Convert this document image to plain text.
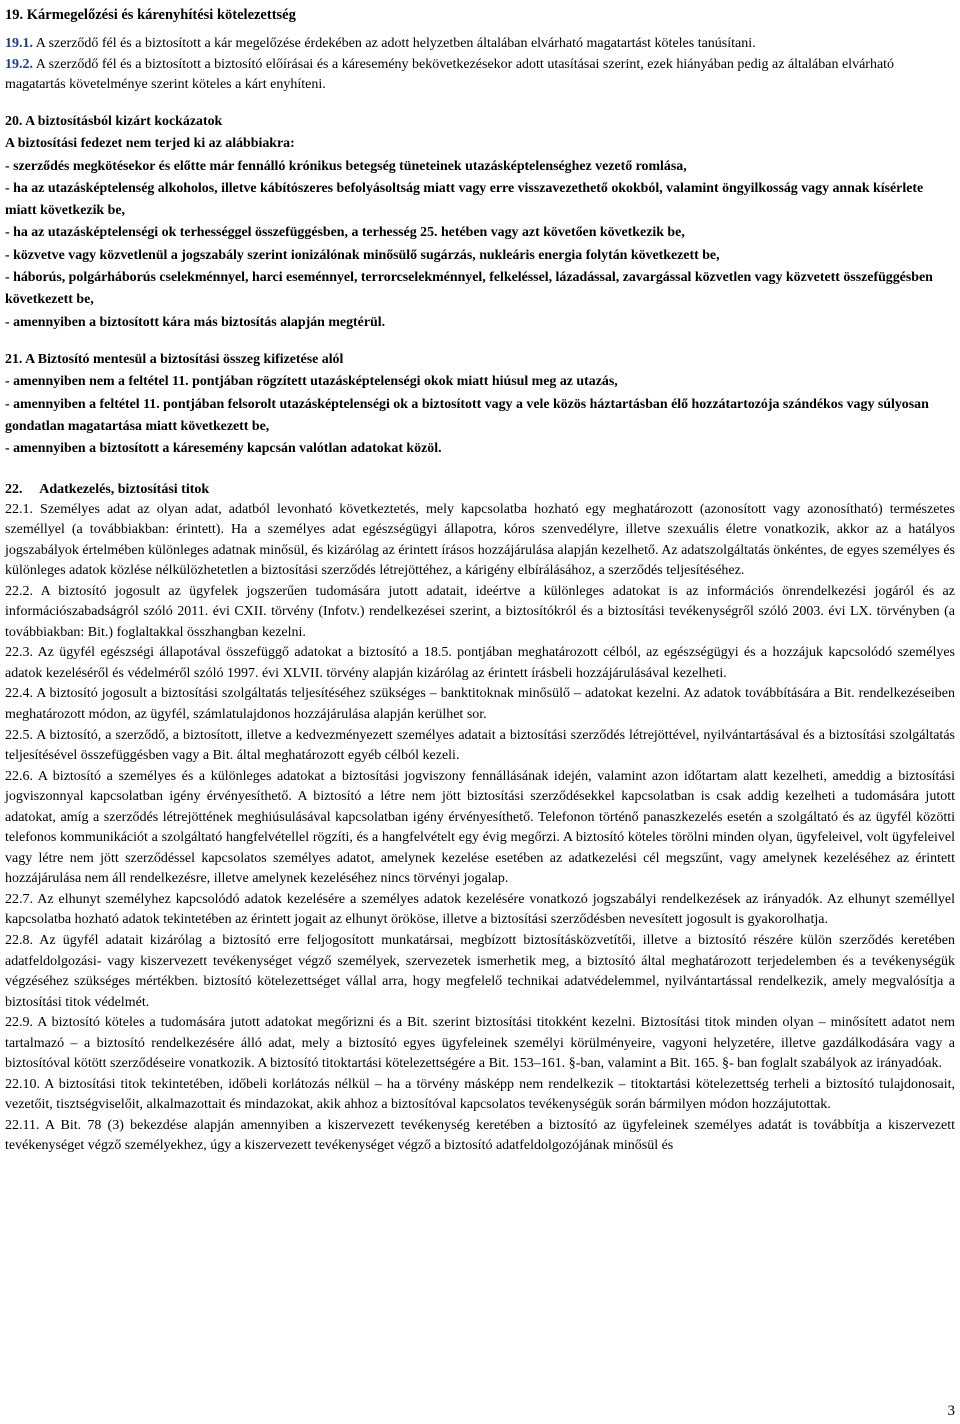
19. Kármegelőzési és kárenyhítési kötelezettség

19.1. A szerződő fél és a biztosított a kár megelőzése érdekében az adott helyzetben általában elvárható magatartást köteles tanúsítani.

19.2. A szerződő fél és a biztosított a biztosító előírásai és a káresemény bekövetkezésekor adott utasításai szerint, ezek hiányában pedig az általában elvárható magatartás követelménye szerint köteles a kárt enyhíteni.

20. A biztosításból kizárt kockázatok

A biztosítási fedezet nem terjed ki az alábbiakra:

- szerződés megkötésekor és előtte már fennálló krónikus betegség tüneteinek utazásképtelenséghez vezető romlása,

- ha az utazásképtelenség alkoholos, illetve kábítószeres befolyásoltság miatt vagy erre visszavezethető okokból, valamint öngyilkosság vagy annak kísérlete miatt következik be,

- ha az utazásképtelenségi ok terhességgel összefüggésben, a terhesség 25. hetében vagy azt követően következik be,

- közvetve vagy közvetlenül a jogszabály szerint ionizálónak minősülő sugárzás, nukleáris energia folytán következett be,

- háborús, polgárháborús cselekménnyel, harci eseménnyel, terrorcselekménnyel, felkeléssel, lázadással, zavargással közvetlen vagy közvetett összefüggésben következett be,

- amennyiben a biztosított kára más biztosítás alapján megtérül.

21. A Biztosító mentesül a biztosítási összeg kifizetése alól

- amennyiben nem a feltétel 11. pontjában rögzített utazásképtelenségi okok miatt hiúsul meg az utazás,

- amennyiben a feltétel 11. pontjában felsorolt utazásképtelenségi ok a biztosított vagy a vele közös háztartásban élő hozzátartozója szándékos vagy súlyosan gondatlan magatartása miatt következett be,

- amennyiben a biztosított a káresemény kapcsán valótlan adatokat közöl.

22.     Adatkezelés, biztosítási titok

22.1. Személyes adat az olyan adat, adatból levonható következtetés, mely kapcsolatba hozható egy meghatározott (azonosított vagy azonosítható) természetes személlyel (a továbbiakban: érintett). Ha a személyes adat egészségügyi állapotra, kóros szenvedélyre, illetve szexuális életre vonatkozik, akkor az a hatályos jogszabályok értelmében különleges adatnak minősül, és kizárólag az érintett írásos hozzájárulása alapján kezelhető. Az adatszolgáltatás önkéntes, de egyes személyes és különleges adatok közlése nélkülözhetetlen a biztosítási szerződés létrejöttéhez, a kárigény elbírálásához, a szerződés teljesítéséhez.

22.2. A biztosító jogosult az ügyfelek jogszerűen tudomására jutott adatait, ideértve a különleges adatokat is az információs önrendelkezési jogáról és az információszabadságról szóló 2011. évi CXII. törvény (Infotv.) rendelkezései szerint, a biztosítókról és a biztosítási tevékenységről szóló 2003. évi LX. törvényben (a továbbiakban: Bit.) foglaltakkal összhangban kezelni.

22.3. Az ügyfél egészségi állapotával összefüggő adatokat a biztosító a 18.5. pontjában meghatározott célból, az egészségügyi és a hozzájuk kapcsolódó személyes adatok kezeléséről és védelméről szóló 1997. évi XLVII. törvény alapján kizárólag az érintett írásbeli hozzájárulásával kezelheti.

22.4. A biztosító jogosult a biztosítási szolgáltatás teljesítéséhez szükséges – banktitoknak minősülő – adatokat kezelni. Az adatok továbbítására a Bit. rendelkezéseiben meghatározott módon, az ügyfél, számlatulajdonos hozzájárulása alapján kerülhet sor.

22.5. A biztosító, a szerződő, a biztosított, illetve a kedvezményezett személyes adatait a biztosítási szerződés létrejöttével, nyilvántartásával és a biztosítási szolgáltatás teljesítésével összefüggésben vagy a Bit. által meghatározott egyéb célból kezeli.

22.6. A biztosító a személyes és a különleges adatokat a biztosítási jogviszony fennállásának idején, valamint azon időtartam alatt kezelheti, ameddig a biztosítási jogviszonnyal kapcsolatban igény érvényesíthető. A biztosító a létre nem jött biztosítási szerződésekkel kapcsolatban is csak addig kezelheti a tudomására jutott adatokat, amíg a szerződés létrejöttének meghiúsulásával kapcsolatban igény érvényesíthető. Telefonon történő panaszkezelés esetén a szolgáltató és az ügyfél közötti telefonos kommunikációt a szolgáltató hangfelvétellel rögzíti, és a hangfelvételt egy évig megőrzi. A biztosító köteles törölni minden olyan, ügyfeleivel, volt ügyfeleivel vagy létre nem jött szerződéssel kapcsolatos személyes adatot, amelynek kezelése esetében az adatkezelési cél megszűnt, vagy amelynek kezeléséhez az érintett hozzájárulása nem áll rendelkezésre, illetve amelynek kezeléséhez nincs törvényi jogalap.

22.7. Az elhunyt személyhez kapcsolódó adatok kezelésére a személyes adatok kezelésére vonatkozó jogszabályi rendelkezések az irányadók. Az elhunyt személlyel kapcsolatba hozható adatok tekintetében az érintett jogait az elhunyt örököse, illetve a biztosítási szerződésben nevesített jogosult is gyakorolhatja.

22.8. Az ügyfél adatait kizárólag a biztosító erre feljogosított munkatársai, megbízott biztosításközvetítői, illetve a biztosító részére külön szerződés keretében adatfeldolgozási- vagy kiszervezett tevékenységet végző személyek, szervezetek ismerhetik meg, a biztosító által meghatározott terjedelemben és a tevékenységük végzéséhez szükséges mértékben. biztosító kötelezettséget vállal arra, hogy megfelelő technikai adatvédelemmel, nyilvántartással rendelkezik, amely megvalósítja a biztosítási titok védelmét.

22.9. A biztosító köteles a tudomására jutott adatokat megőrizni és a Bit. szerint biztosítási titokként kezelni. Biztosítási titok minden olyan – minősített adatot nem tartalmazó – a biztosító rendelkezésére álló adat, mely a biztosító egyes ügyfeleinek személyi körülményeire, vagyoni helyzetére, illetve gazdálkodására vagy a biztosítóval kötött szerződéseire vonatkozik. A biztosító titoktartási kötelezettségére a Bit. 153–161. §-ban, valamint a Bit. 165. §- ban foglalt szabályok az irányadóak.

22.10. A biztosítási titok tekintetében, időbeli korlátozás nélkül – ha a törvény másképp nem rendelkezik – titoktartási kötelezettség terheli a biztosító tulajdonosait, vezetőit, tisztségviselőit, alkalmazottait és mindazokat, akik ahhoz a biztosítóval kapcsolatos tevékenységük során bármilyen módon hozzájutottak.

22.11. A Bit. 78 (3) bekezdése alapján amennyiben a kiszervezett tevékenység keretében a biztosító az ügyfeleinek személyes adatát is továbbítja a kiszervezett tevékenységet végző személyekhez, úgy a kiszervezett tevékenységet végző a biztosító adatfeldolgozójának minősül és

3
